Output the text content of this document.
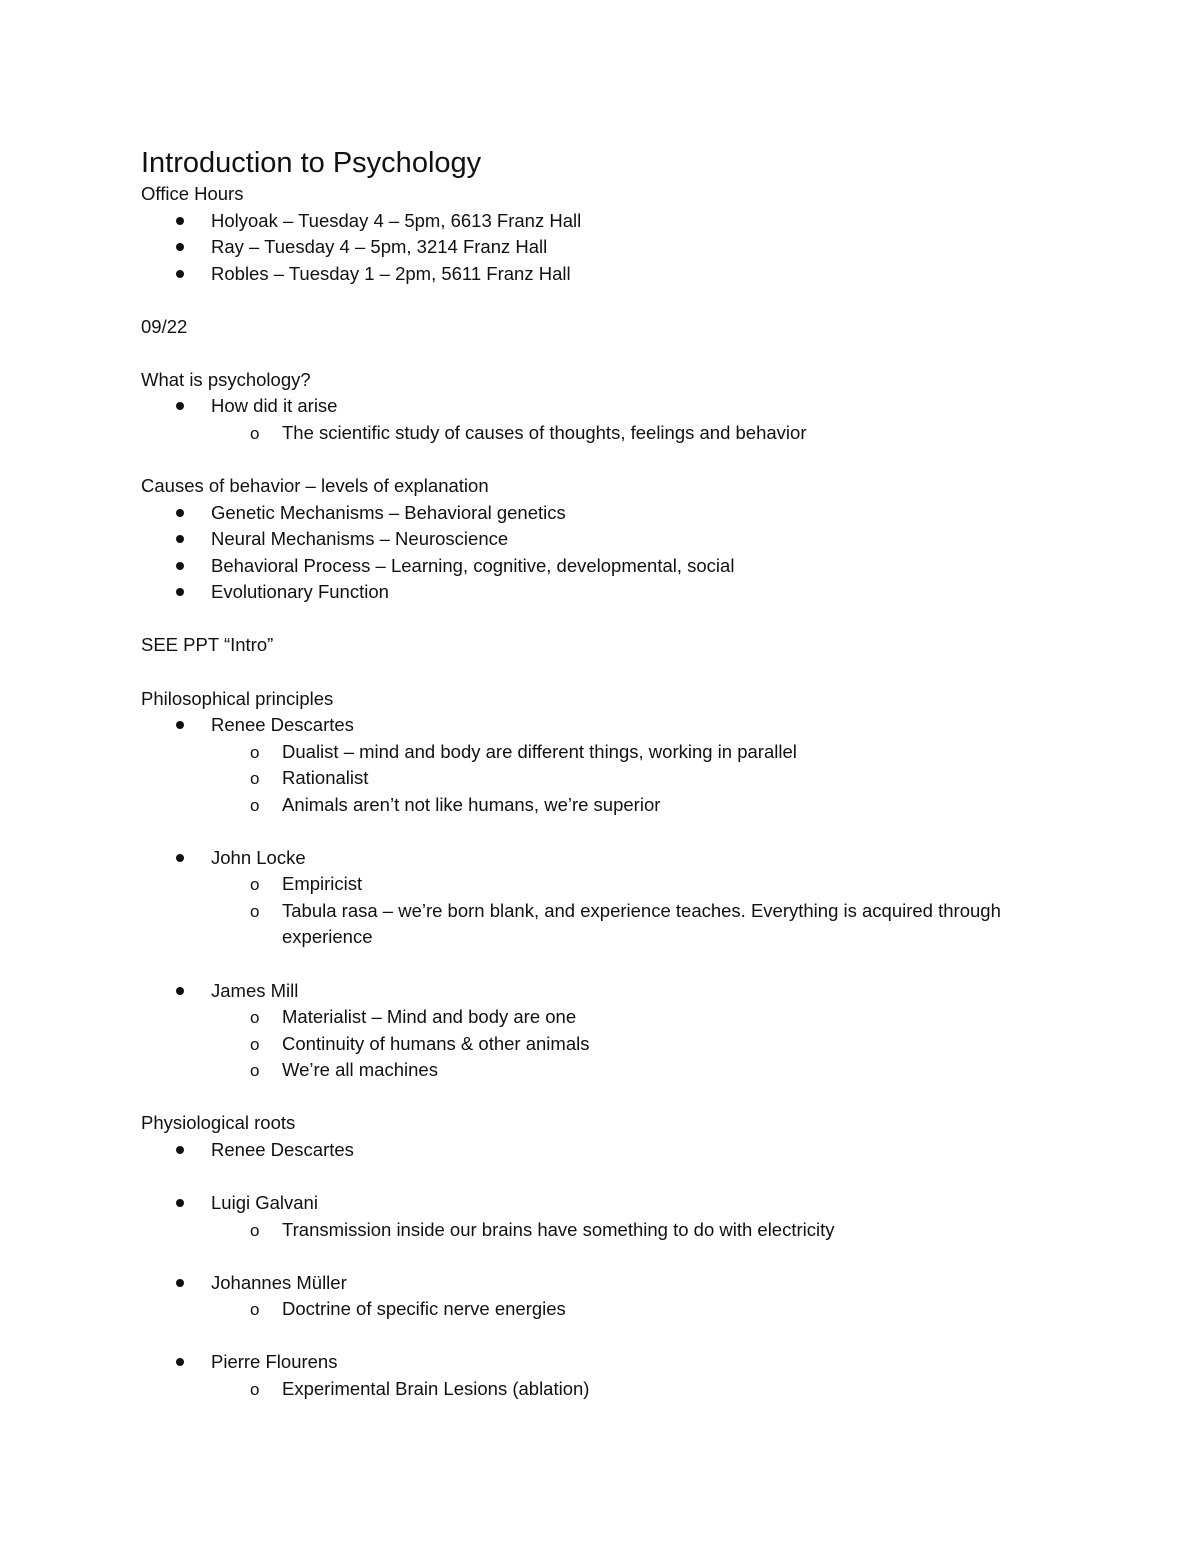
Introduction to Psychology
Office Hours
Holyoak – Tuesday 4 – 5pm, 6613 Franz Hall
Ray – Tuesday 4 – 5pm, 3214 Franz Hall
Robles – Tuesday 1 – 2pm, 5611 Franz Hall
09/22
What is psychology?
How did it arise
The scientific study of causes of thoughts, feelings and behavior
o
Causes of behavior – levels of explanation
Genetic Mechanisms – Behavioral genetics
Neural Mechanisms – Neuroscience
Behavioral Process – Learning, cognitive, developmental, social
Evolutionary Function
SEE PPT “Intro”
Philosophical principles
Renee Descartes
Dualist – mind and body are different things, working in parallel
o
Rationalist
o
Animals aren’t not like humans, we’re superior
o
John Locke
Empiricist
o
Tabula rasa – we’re born blank, and experience teaches. Everything is acquired through
o
experience
James Mill
Materialist – Mind and body are one
o
Continuity of humans & other animals
o
We’re all machines
o
Physiological roots
Renee Descartes
Luigi Galvani
Transmission inside our brains have something to do with electricity
o
Johannes Müller
Doctrine of specific nerve energies
o
Pierre Flourens
Experimental Brain Lesions (ablation)
o
